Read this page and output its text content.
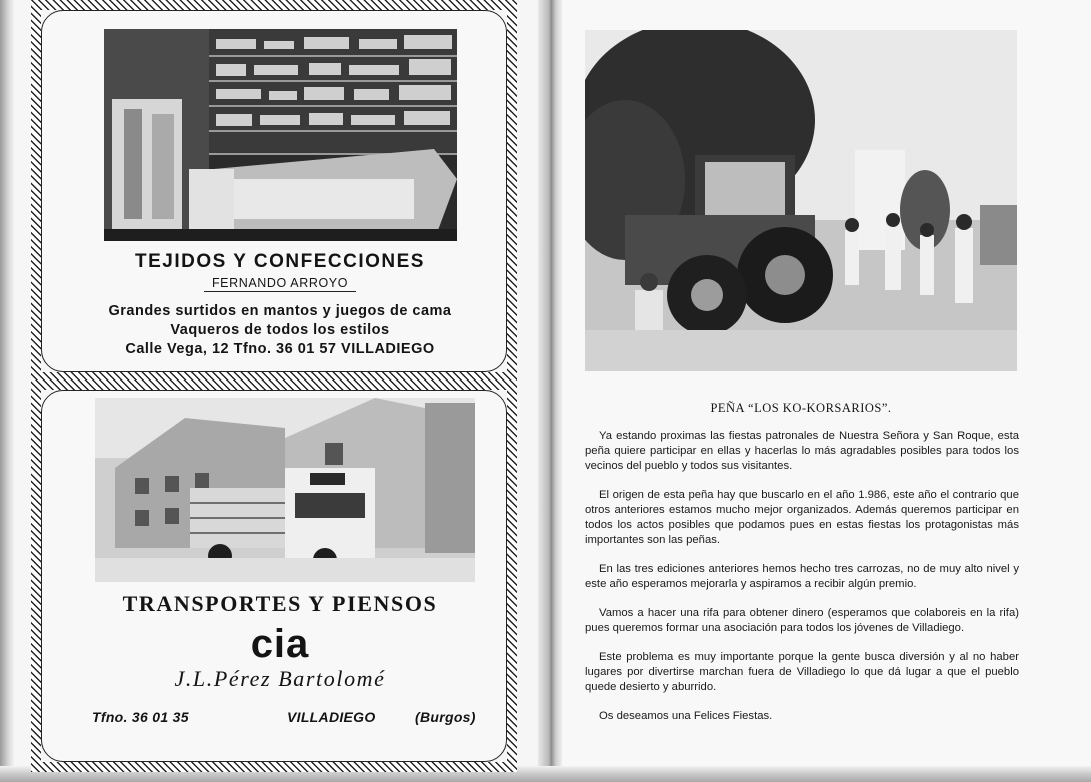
TEJIDOS Y CONFECCIONES
FERNANDO ARROYO
Grandes surtidos en mantos y juegos de cama
Vaqueros de todos los estilos
Calle Vega, 12 Tfno. 36 01 57 VILLADIEGO
TRANSPORTES Y PIENSOS
cia
J.L.Pérez Bartolomé
Tfno. 36 01 35	VILLADIEGO	(Burgos)
PEÑA “LOS KO-KORSARIOS”.

Ya estando proximas las fiestas patronales de Nuestra Señora y San Roque, esta peña quiere participar en ellas y hacerlas lo más agradables posibles para todos los vecinos del pueblo y todos sus visitantes.

El origen de esta peña hay que buscarlo en el año 1.986, este año el contrario que otros anteriores estamos mucho mejor organizados. Además queremos participar en todos los actos posibles que podamos pues en estas fiestas los protagonistas más importantes son las peñas.

En las tres ediciones anteriores hemos hecho tres carrozas, no de muy alto nivel y este año esperamos mejorarla y aspiramos a recibir algún premio.

Vamos a hacer una rifa para obtener dinero (esperamos que colaboreis en la rifa) pues queremos formar una asociación para todos los jóvenes de Villadiego.

Este problema es muy importante porque la gente busca diversión y al no haber lugares por divertirse marchan fuera de Villadiego lo que dá lugar a que el pueblo quede desierto y aburrido.

Os deseamos una Felices Fiestas.
